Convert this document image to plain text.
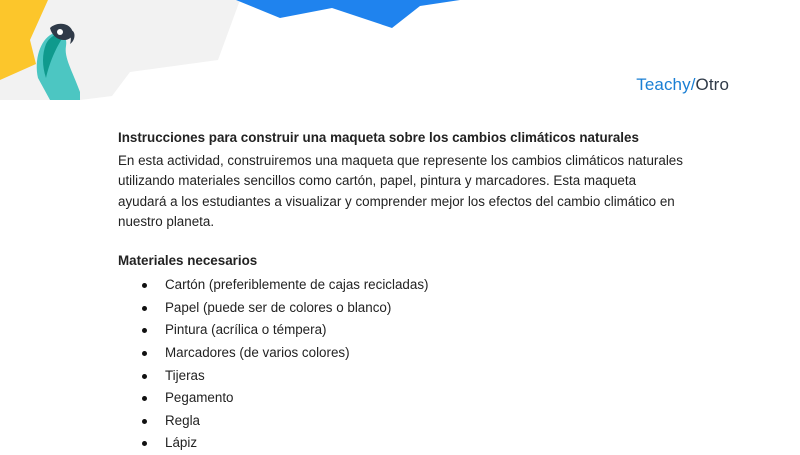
Teachy/Otro

Instrucciones para construir una maqueta sobre los cambios climáticos naturales

En esta actividad, construiremos una maqueta que represente los cambios climáticos naturales utilizando materiales sencillos como cartón, papel, pintura y marcadores. Esta maqueta ayudará a los estudiantes a visualizar y comprender mejor los efectos del cambio climático en nuestro planeta.

Materiales necesarios

Cartón (preferiblemente de cajas recicladas)
Papel (puede ser de colores o blanco)
Pintura (acrílica o témpera)
Marcadores (de varios colores)
Tijeras
Pegamento
Regla
Lápiz
